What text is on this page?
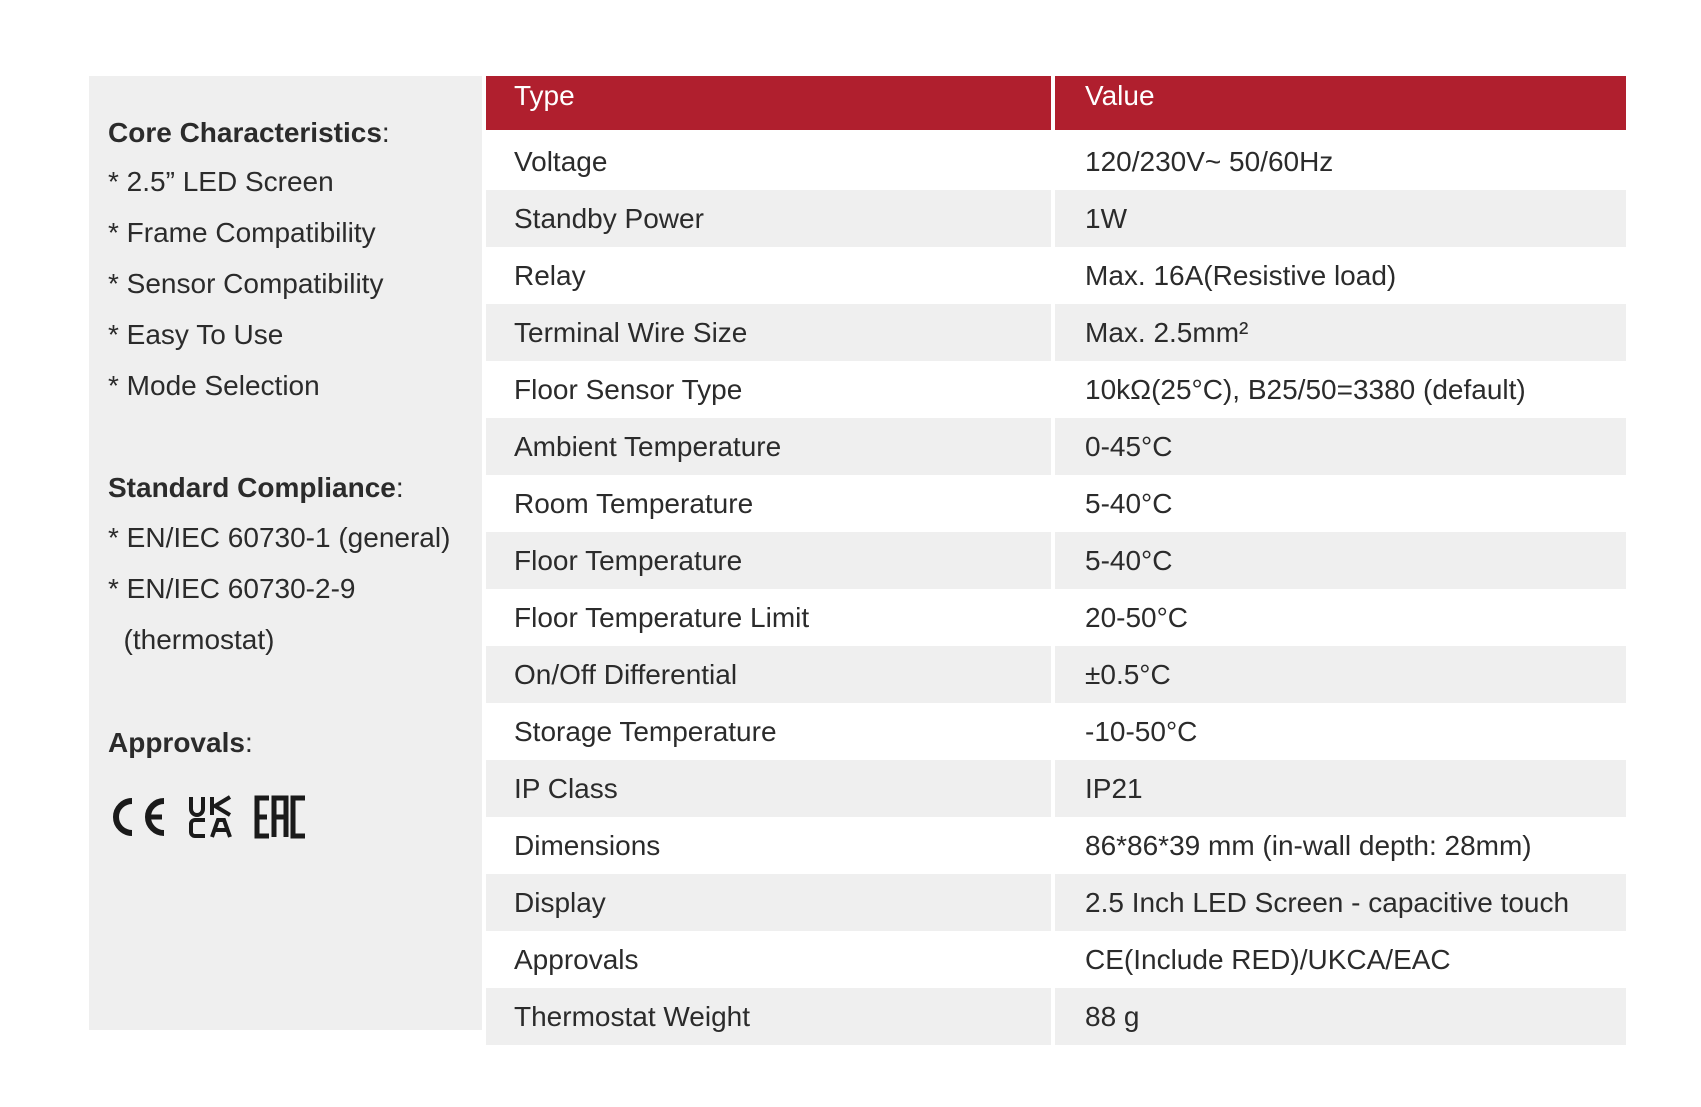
Core Characteristics:
* 2.5” LED Screen
* Frame Compatibility
* Sensor Compatibility
* Easy To Use
* Mode Selection
Standard Compliance:
* EN/IEC 60730-1 (general)
* EN/IEC 60730-2-9
(thermostat)
Approvals:
Type	Value
Voltage	120/230V~ 50/60Hz
Standby Power	1W
Relay	Max. 16A(Resistive load)
Terminal Wire Size	Max. 2.5mm²
Floor Sensor Type	10kΩ(25°C), B25/50=3380 (default)
Ambient Temperature	0-45°C
Room Temperature	5-40°C
Floor Temperature	5-40°C
Floor Temperature Limit	20-50°C
On/Off Differential	±0.5°C
Storage Temperature	-10-50°C
IP Class	IP21
Dimensions	86*86*39 mm (in-wall depth: 28mm)
Display	2.5 Inch LED Screen - capacitive touch
Approvals	CE(Include RED)/UKCA/EAC
Thermostat Weight	88 g
